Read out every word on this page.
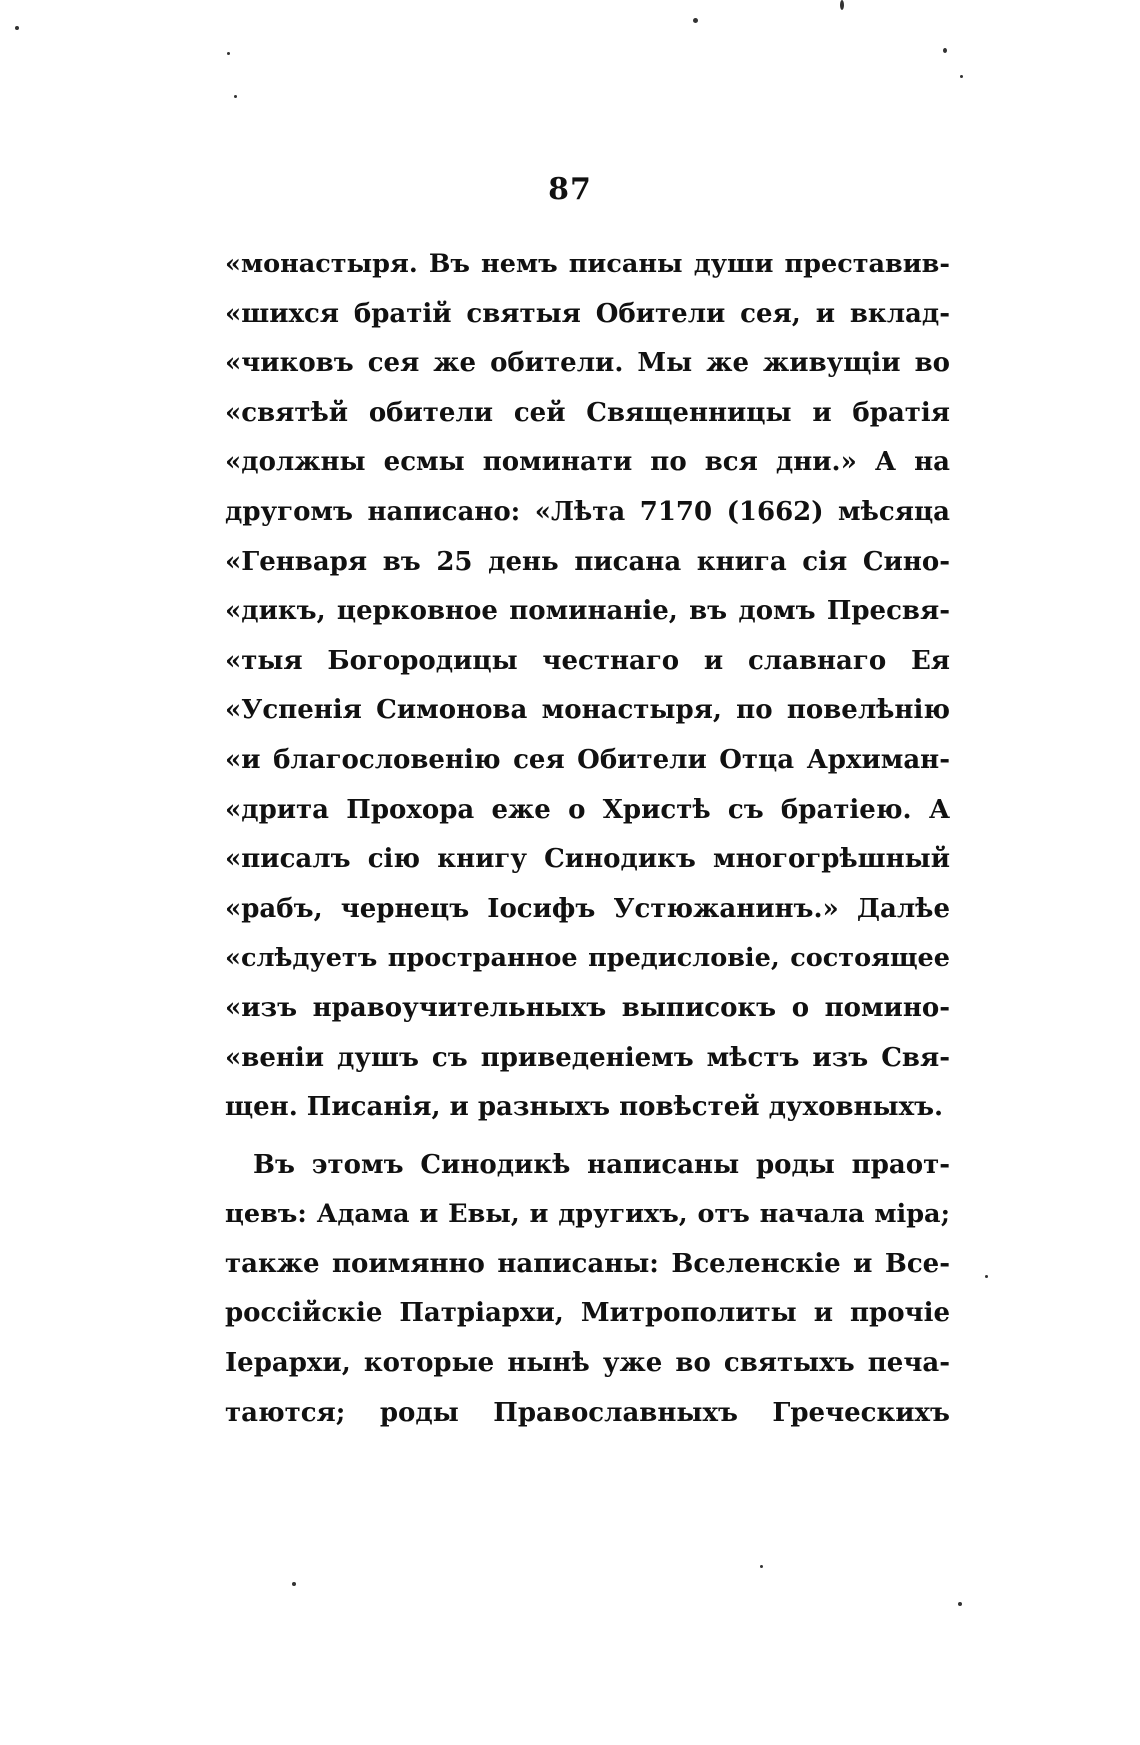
87
«монастыря. Въ немъ писаны души преставив-
«шихся братій святыя Обители сея, и вклад-
«чиковъ сея же обители. Мы же живущіи во
«святѣй обители сей Священницы и братія
«должны есмы поминати по вся дни.» А на
другомъ написано: «Лѣта 7170 (1662) мѣсяца
«Генваря въ 25 день писана книга сія Сино-
«дикъ, церковное поминаніе, въ домъ Пресвя-
«тыя Богородицы честнаго и славнаго Ея
«Успенія Симонова монастыря, по повелѣнію
«и благословенію сея Обители Отца Архиман-
«дрита Прохора еже о Христѣ съ братіею. А
«писалъ сію книгу Синодикъ многогрѣшный
«рабъ, чернецъ Іосифъ Устюжанинъ.» Далѣе
«слѣдуетъ пространное предисловіе, состоящее
«изъ нравоучительныхъ выписокъ о помино-
«веніи душъ съ приведеніемъ мѣстъ изъ Свя-
щен. Писанія, и разныхъ повѣстей духовныхъ.
Въ этомъ Синодикѣ написаны роды праот-
цевъ: Адама и Евы, и другихъ, отъ начала міра;
также поимянно написаны: Вселенскіе и Все-
россійскіе Патріархи, Митрополиты и прочіе
Іерархи, которые нынѣ уже во святыхъ печа-
таются; роды Православныхъ Греческихъ
